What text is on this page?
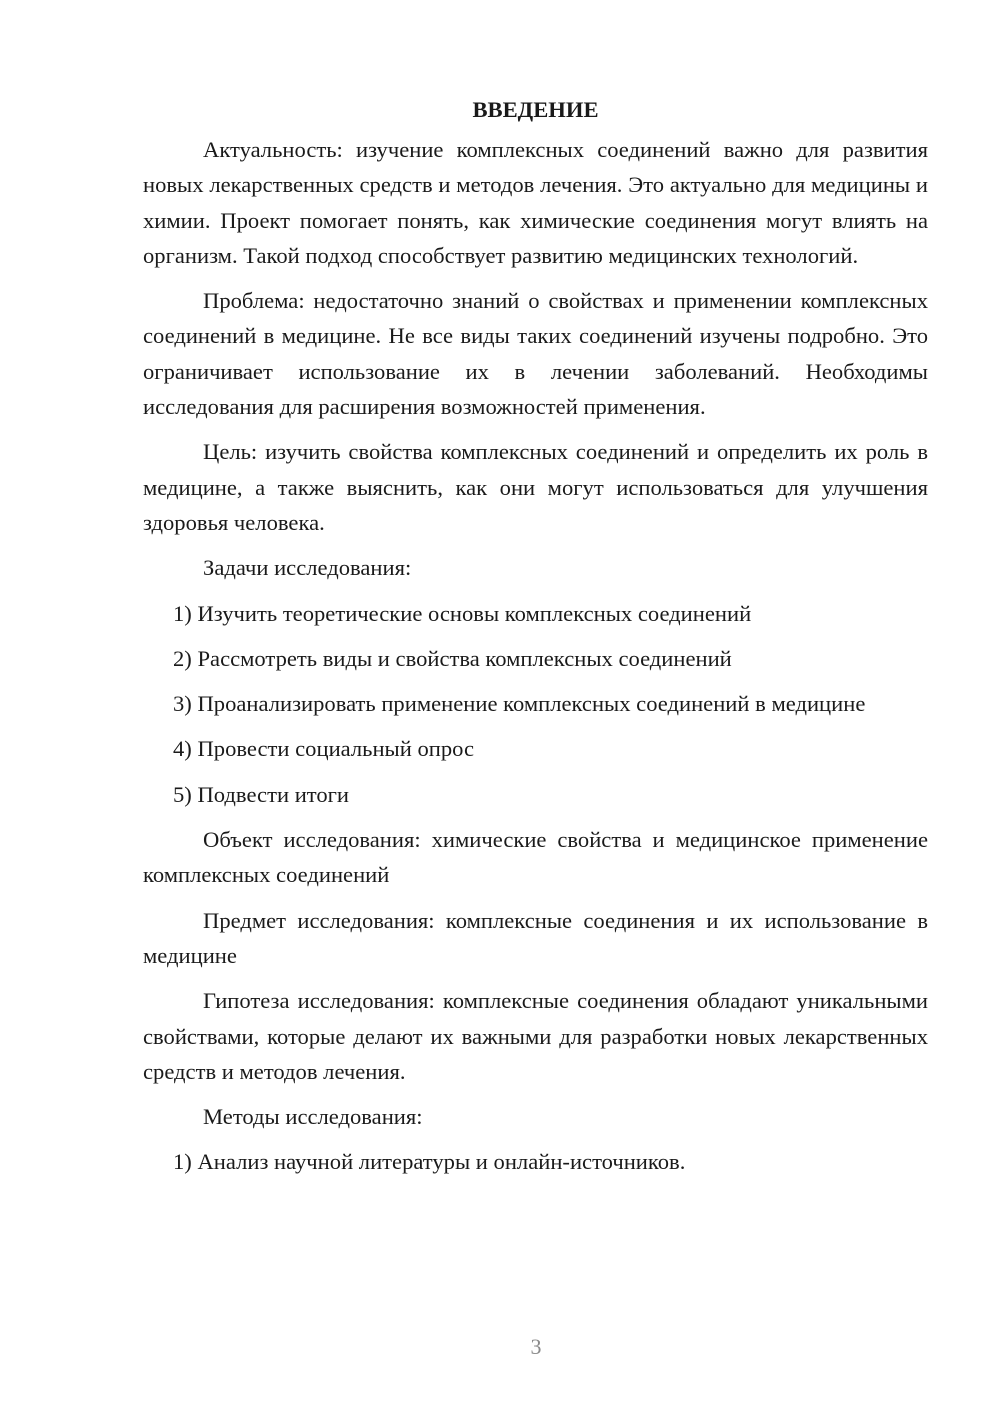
ВВЕДЕНИЕ

Актуальность: изучение комплексных соединений важно для развития новых лекарственных средств и методов лечения. Это актуально для медицины и химии. Проект помогает понять, как химические соединения могут влиять на организм. Такой подход способствует развитию медицинских технологий.

Проблема: недостаточно знаний о свойствах и применении комплексных соединений в медицине. Не все виды таких соединений изучены подробно. Это ограничивает использование их в лечении заболеваний. Необходимы исследования для расширения возможностей применения.

Цель: изучить свойства комплексных соединений и определить их роль в медицине, а также выяснить, как они могут использоваться для улучшения здоровья человека.

Задачи исследования:

1) Изучить теоретические основы комплексных соединений

2) Рассмотреть виды и свойства комплексных соединений

3) Проанализировать применение комплексных соединений в медицине

4) Провести социальный опрос

5) Подвести итоги

Объект исследования: химические свойства и медицинское применение комплексных соединений

Предмет исследования: комплексные соединения и их использование в медицине

Гипотеза исследования: комплексные соединения обладают уникальными свойствами, которые делают их важными для разработки новых лекарственных средств и методов лечения.

Методы исследования:

1) Анализ научной литературы и онлайн-источников.

3
